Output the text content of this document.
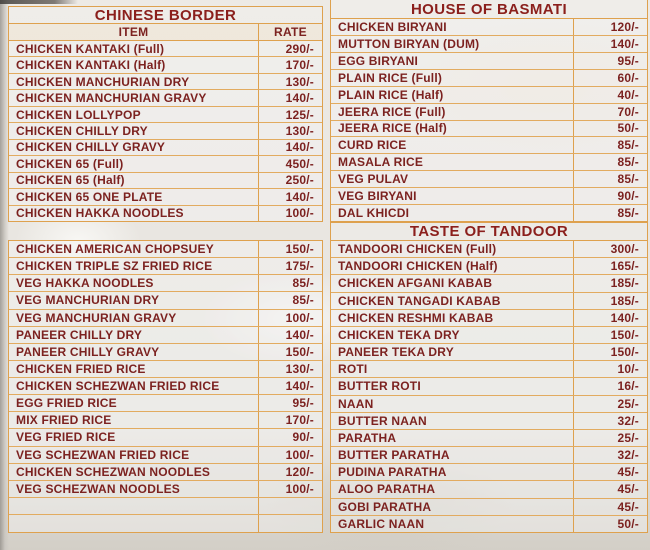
CHINESE BORDER
ITEM	RATE
CHICKEN KANTAKI (Full)	290/-
CHICKEN KANTAKI (Half)	170/-
CHICKEN MANCHURIAN DRY	130/-
CHICKEN MANCHURIAN GRAVY	140/-
CHICKEN LOLLYPOP	125/-
CHICKEN CHILLY DRY	130/-
CHICKEN CHILLY GRAVY	140/-
CHICKEN 65 (Full)	450/-
CHICKEN 65 (Half)	250/-
CHICKEN 65 ONE PLATE	140/-
CHICKEN HAKKA NOODLES	100/-
CHICKEN AMERICAN CHOPSUEY	150/-
CHICKEN TRIPLE SZ FRIED RICE	175/-
VEG HAKKA NOODLES	85/-
VEG MANCHURIAN DRY	85/-
VEG MANCHURIAN GRAVY	100/-
PANEER CHILLY DRY	140/-
PANEER CHILLY GRAVY	150/-
CHICKEN FRIED RICE	130/-
CHICKEN SCHEZWAN FRIED RICE	140/-
EGG FRIED RICE	95/-
MIX FRIED RICE	170/-
VEG FRIED RICE	90/-
VEG SCHEZWAN FRIED RICE	100/-
CHICKEN SCHEZWAN NOODLES	120/-
VEG SCHEZWAN NOODLES	100/-
HOUSE OF BASMATI
CHICKEN BIRYANI	120/-
MUTTON BIRYAN (DUM)	140/-
EGG BIRYANI	95/-
PLAIN RICE (Full)	60/-
PLAIN RICE (Half)	40/-
JEERA RICE (Full)	70/-
JEERA RICE (Half)	50/-
CURD RICE	85/-
MASALA RICE	85/-
VEG PULAV	85/-
VEG BIRYANI	90/-
DAL KHICDI	85/-
TASTE OF TANDOOR
TANDOORI CHICKEN (Full)	300/-
TANDOORI CHICKEN (Half)	165/-
CHICKEN AFGANI KABAB	185/-
CHICKEN TANGADI KABAB	185/-
CHICKEN RESHMI KABAB	140/-
CHICKEN TEKA DRY	150/-
PANEER TEKA DRY	150/-
ROTI	10/-
BUTTER ROTI	16/-
NAAN	25/-
BUTTER NAAN	32/-
PARATHA	25/-
BUTTER PARATHA	32/-
PUDINA PARATHA	45/-
ALOO PARATHA	45/-
GOBI PARATHA	45/-
GARLIC NAAN	50/-
